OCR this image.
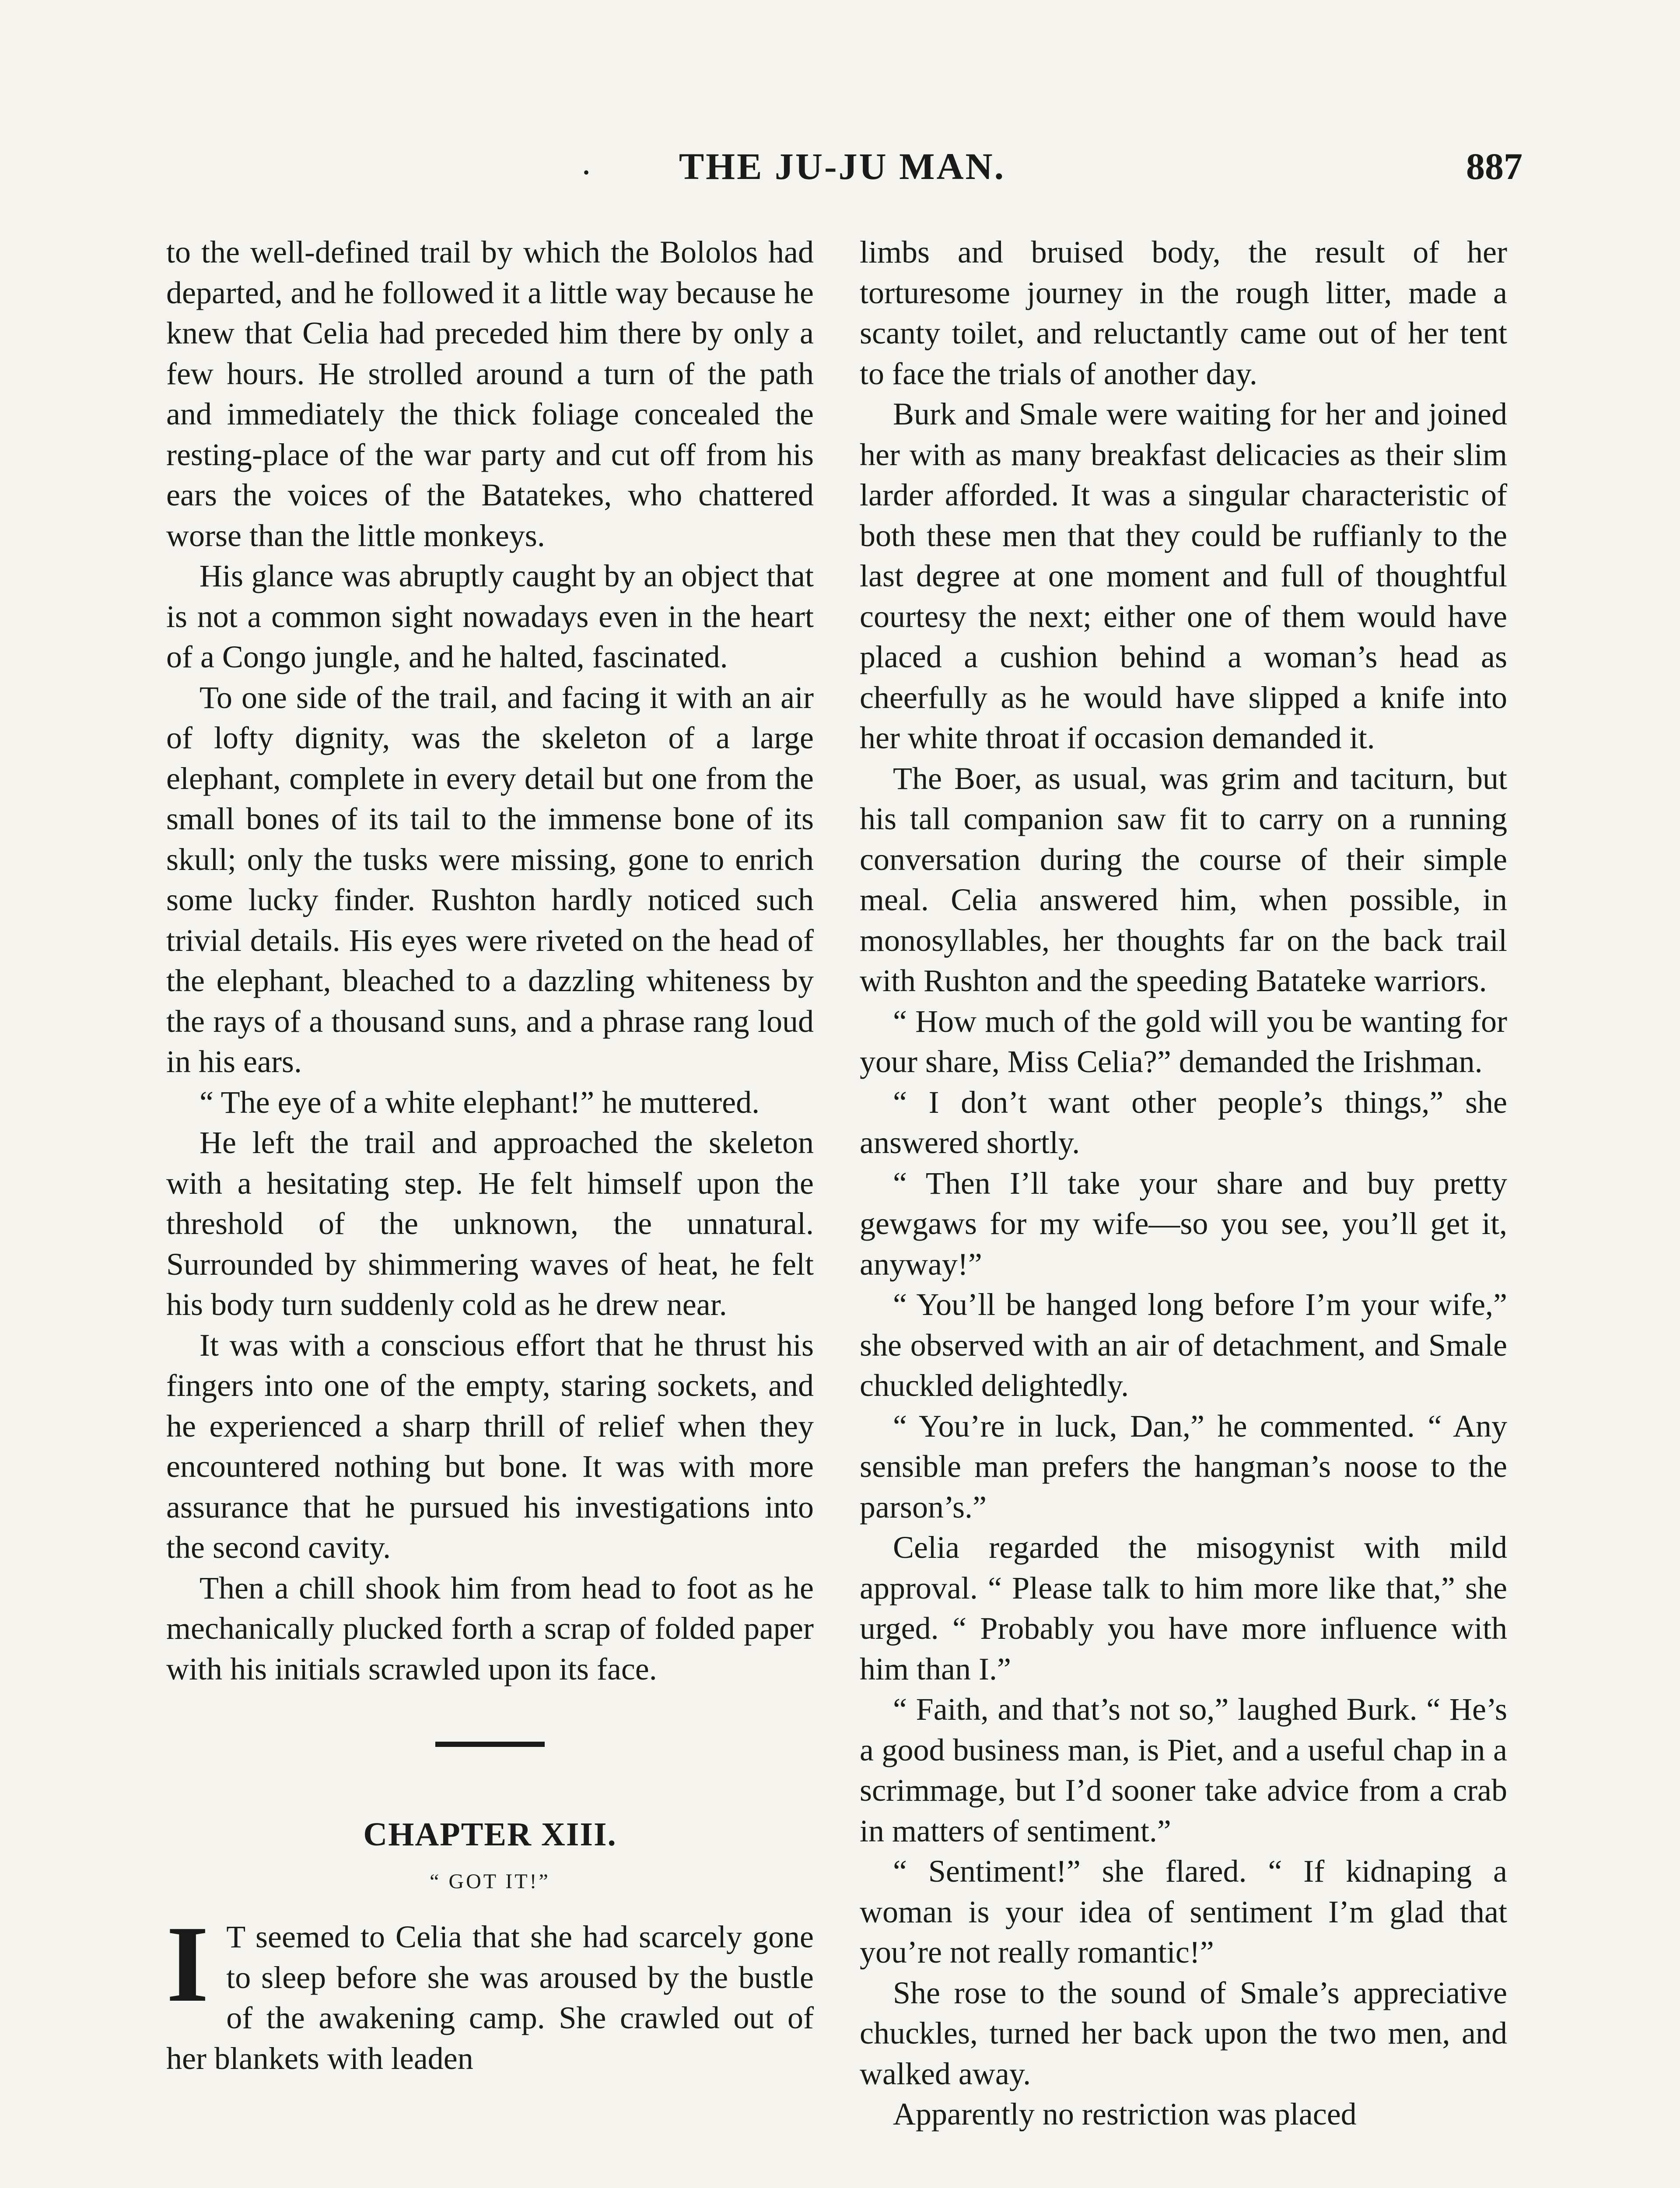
·	THE JU-JU MAN.	887

to the well-defined trail by which the Bololos had departed, and he followed it a little way because he knew that Celia had preceded him there by only a few hours. He strolled around a turn of the path and immediately the thick foliage concealed the resting-place of the war party and cut off from his ears the voices of the Batatekes, who chattered worse than the little monkeys.

His glance was abruptly caught by an object that is not a common sight nowadays even in the heart of a Congo jungle, and he halted, fascinated.

To one side of the trail, and facing it with an air of lofty dignity, was the skeleton of a large elephant, complete in every detail but one from the small bones of its tail to the immense bone of its skull; only the tusks were missing, gone to enrich some lucky finder. Rushton hardly noticed such trivial details. His eyes were riveted on the head of the elephant, bleached to a dazzling whiteness by the rays of a thousand suns, and a phrase rang loud in his ears.

“ The eye of a white elephant!” he muttered.

He left the trail and approached the skeleton with a hesitating step. He felt himself upon the threshold of the unknown, the unnatural. Surrounded by shimmering waves of heat, he felt his body turn suddenly cold as he drew near.

It was with a conscious effort that he thrust his fingers into one of the empty, staring sockets, and he experienced a sharp thrill of relief when they encountered nothing but bone. It was with more assurance that he pursued his investigations into the second cavity.

Then a chill shook him from head to foot as he mechanically plucked forth a scrap of folded paper with his initials scrawled upon its face.

CHAPTER XIII.
“ GOT IT!”

I T seemed to Celia that she had scarcely gone to sleep before she was aroused by the bustle of the awakening camp. She crawled out of her blankets with leaden

limbs and bruised body, the result of her torturesome journey in the rough litter, made a scanty toilet, and reluctantly came out of her tent to face the trials of another day.

Burk and Smale were waiting for her and joined her with as many breakfast delicacies as their slim larder afforded. It was a singular characteristic of both these men that they could be ruffianly to the last degree at one moment and full of thoughtful courtesy the next; either one of them would have placed a cushion behind a woman’s head as cheerfully as he would have slipped a knife into her white throat if occasion demanded it.

The Boer, as usual, was grim and taciturn, but his tall companion saw fit to carry on a running conversation during the course of their simple meal. Celia answered him, when possible, in monosyllables, her thoughts far on the back trail with Rushton and the speeding Batateke warriors.

“ How much of the gold will you be wanting for your share, Miss Celia?” demanded the Irishman.

“ I don’t want other people’s things,” she answered shortly.

“ Then I’ll take your share and buy pretty gewgaws for my wife—so you see, you’ll get it, anyway!”

“ You’ll be hanged long before I’m your wife,” she observed with an air of detachment, and Smale chuckled delightedly.

“ You’re in luck, Dan,” he commented. “ Any sensible man prefers the hangman’s noose to the parson’s.”

Celia regarded the misogynist with mild approval. “ Please talk to him more like that,” she urged. “ Probably you have more influence with him than I.”

“ Faith, and that’s not so,” laughed Burk. “ He’s a good business man, is Piet, and a useful chap in a scrimmage, but I’d sooner take advice from a crab in matters of sentiment.”

“ Sentiment!” she flared. “ If kidnaping a woman is your idea of sentiment I’m glad that you’re not really romantic!”

She rose to the sound of Smale’s appreciative chuckles, turned her back upon the two men, and walked away.

Apparently no restriction was placed
